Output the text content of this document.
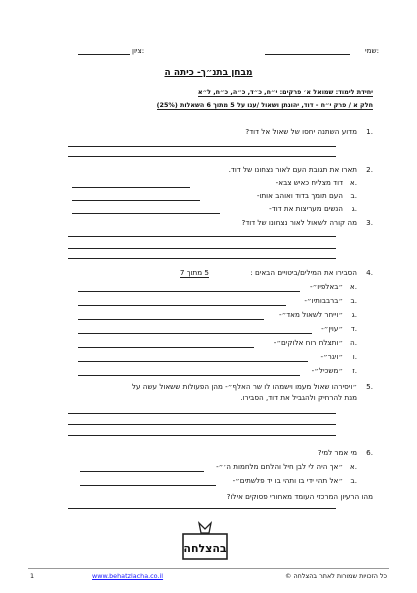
שמי:
ציון:
מבחן בתנ״ך- כיתה ה
יחידת לימוד: שמואל א׳ פרקים: י״ח, כ״ד, כ״ה, כ״ח, ל״א
חלק א / פרק י״ח - דוד, יהונתן ושאול /ענו על 5 מתוך 6 השאלות (25%)
1.
מדוע השתנה יחסו של שאול אל דוד?
2.
תארו את תגובת העם לאור נצחונו של דוד.
א.
דוד מצליח כאיש צבא-
ב.
העם תומך בדוד ואוהב אותו-
ג.
הנשים מעריצות את דוד-
3.
מה קורה לשאול לאור נצחונו של דוד?
4.
הסבירו את המילים/ביטויים הבאים :
5 מתוך 7
א.
״באלפיו״-
ב.
״ברבבותיו״-
ג.
״וייחר לשאול מאד״-
ד.
״עוין״-
ה.
״ותצלח רוח אלוקים״-
ו.
״ויגר״-
ז.
״משכיל״-
5.
״ויסירהו שאול מעמו וישמהו לו שר האלף״- מהן הפעולות ששאול עשה על
מנת להרחיק ולהגביל את דוד, הסבירו.
6.
מי אמר למי?
א.
״אך היה לי לבן חיל והלחם מלחמות ה׳״-
ב.
״אל תהי ידי בו ותהי בו יד פלשתים״-
מהו הרעיון המרכזי העומד מאחורי פסוקים אילו?
בהצלחה
כל הזכויות שמורות לאתר בהצלחה ©
www.behatzlacha.co.il
1
